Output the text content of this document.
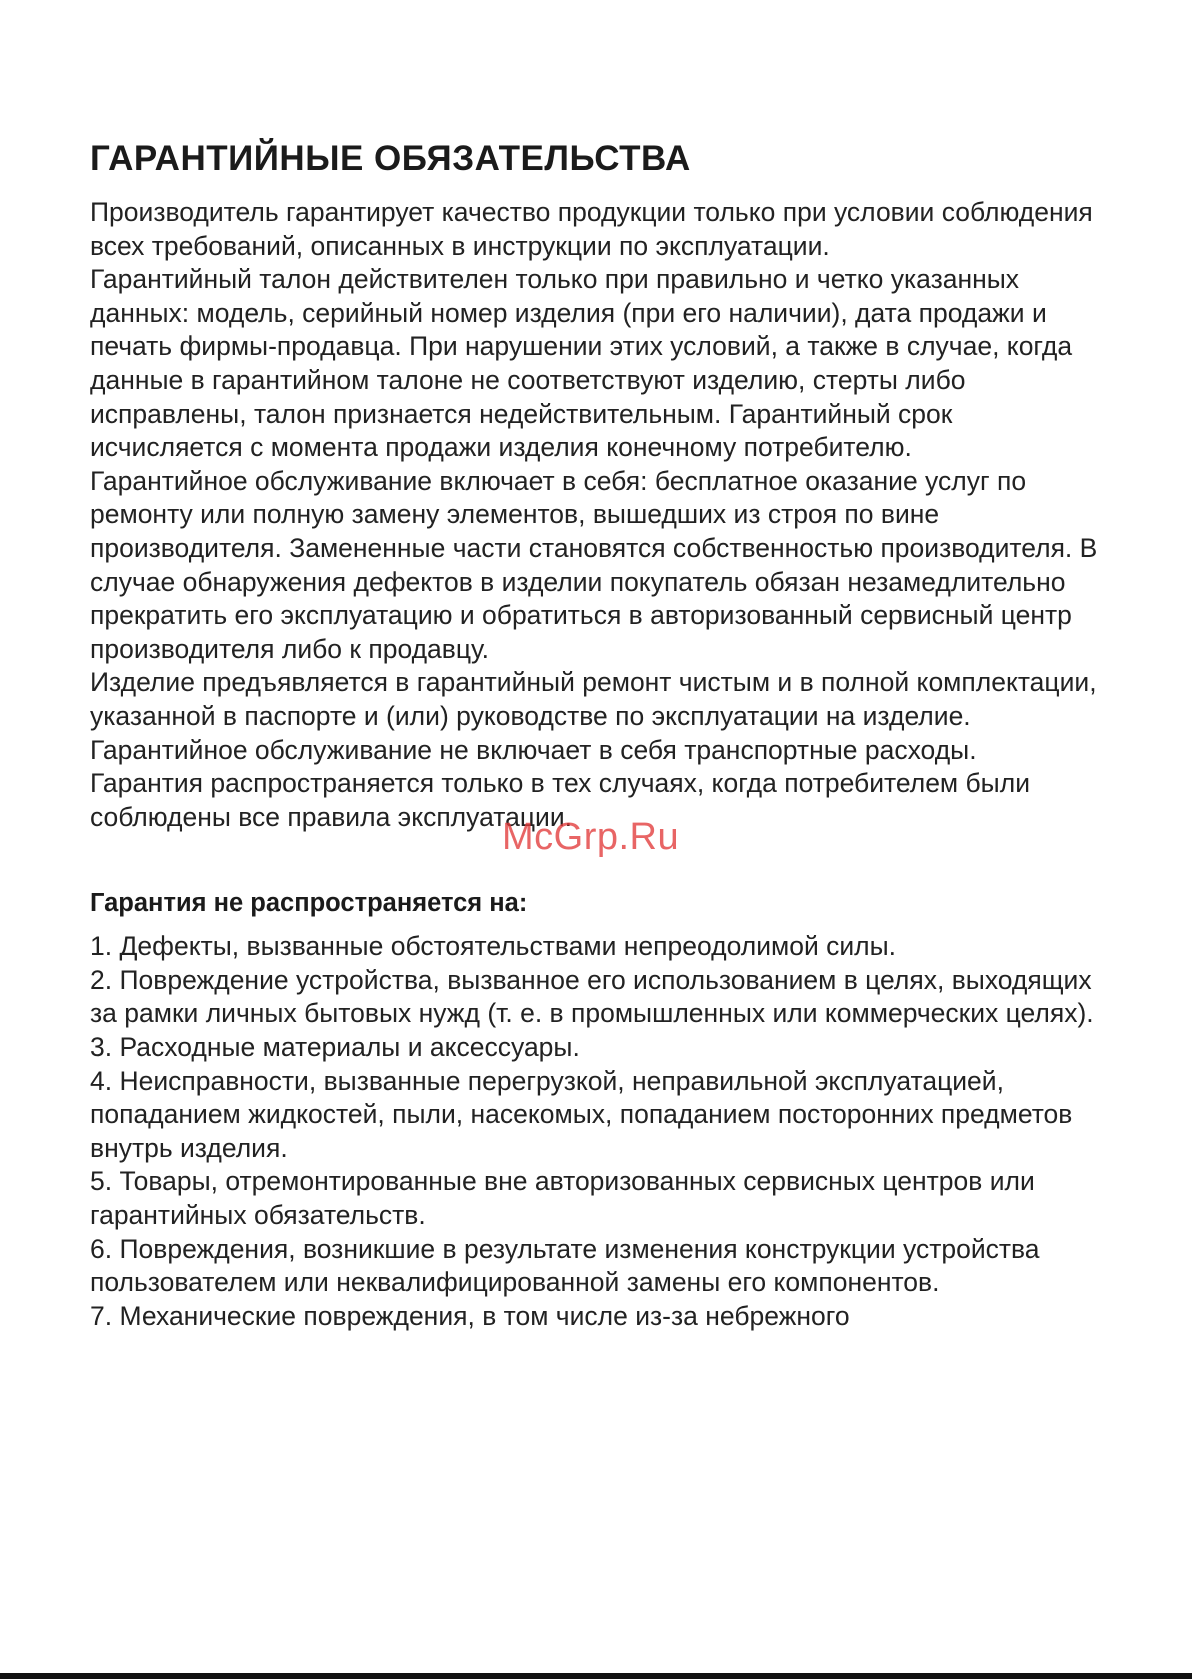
ГАРАНТИЙНЫЕ ОБЯЗАТЕЛЬСТВА

Производитель гарантирует качество продукции только при условии соблюдения всех требований, описанных в инструкции по эксплуатации.

Гарантийный талон действителен только при правильно и четко указанных данных: модель, серийный номер изделия (при его наличии), дата продажи и печать фирмы-продавца. При нарушении этих условий, а также в случае, когда данные в гарантийном талоне не соответствуют изделию, стерты либо исправлены, талон признается недействительным. Гарантийный срок исчисляется с момента продажи изделия конечному потребителю.

Гарантийное обслуживание включает в себя: бесплатное оказание услуг по ремонту или полную замену элементов, вышедших из строя по вине производителя. Замененные части становятся собственностью производителя. В случае обнаружения дефектов в изделии покупатель обязан незамедлительно прекратить его эксплуатацию и обратиться в авторизованный сервисный центр производителя либо к продавцу.

Изделие предъявляется в гарантийный ремонт чистым и в полной комплектации, указанной в паспорте и (или) руководстве по эксплуатации на изделие. Гарантийное обслуживание не включает в себя транспортные расходы.

Гарантия распространяется только в тех случаях, когда потребителем были соблюдены все правила эксплуатации.

Гарантия не распространяется на:

1. Дефекты, вызванные обстоятельствами непреодолимой силы.

2. Повреждение устройства, вызванное его использованием в целях, выходящих за рамки личных бытовых нужд (т. е. в промышленных или коммерческих целях).

3. Расходные материалы и аксессуары.

4. Неисправности, вызванные перегрузкой, неправильной эксплуатацией, попаданием жидкостей, пыли, насекомых, попаданием посторонних предметов внутрь изделия.

5. Товары, отремонтированные вне авторизованных сервисных центров или гарантийных обязательств.

6. Повреждения, возникшие в результате изменения конструкции устройства пользователем или неквалифицированной замены его компонентов.

7. Механические повреждения, в том числе из-за небрежного

McGrp.Ru
